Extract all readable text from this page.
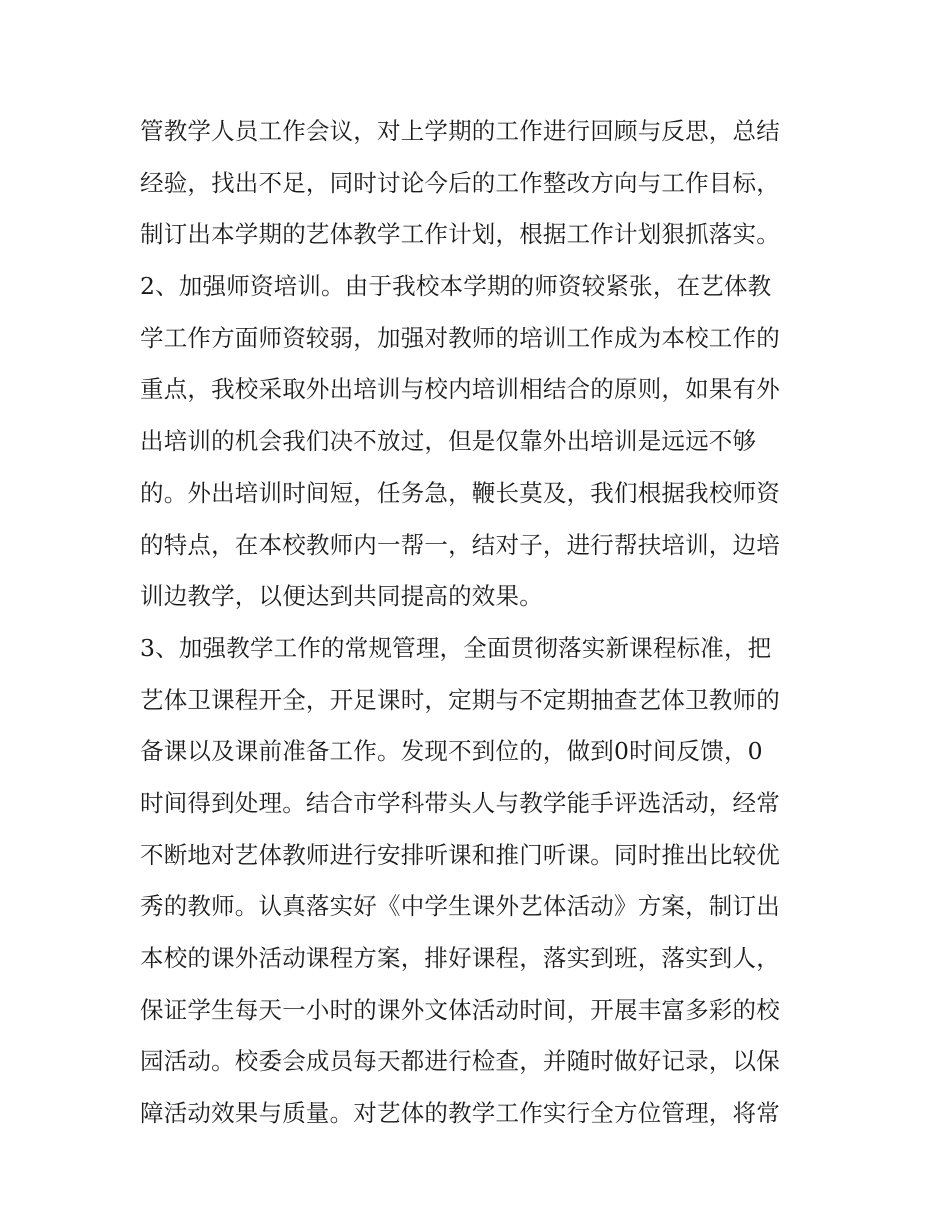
管教学人员工作会议，对上学期的工作进行回顾与反思，总结
经验，找出不足，同时讨论今后的工作整改方向与工作目标，
制订出本学期的艺体教学工作计划，根据工作计划狠抓落实。
2、加强师资培训。由于我校本学期的师资较紧张，在艺体教
学工作方面师资较弱，加强对教师的培训工作成为本校工作的
重点，我校采取外出培训与校内培训相结合的原则，如果有外
出培训的机会我们决不放过，但是仅靠外出培训是远远不够
的。外出培训时间短，任务急，鞭长莫及，我们根据我校师资
的特点，在本校教师内一帮一，结对子，进行帮扶培训，边培
训边教学，以便达到共同提高的效果。
3、加强教学工作的常规管理，全面贯彻落实新课程标准，把
艺体卫课程开全，开足课时，定期与不定期抽查艺体卫教师的
备课以及课前准备工作。发现不到位的，做到0时间反馈，0
时间得到处理。结合市学科带头人与教学能手评选活动，经常
不断地对艺体教师进行安排听课和推门听课。同时推出比较优
秀的教师。认真落实好《中学生课外艺体活动》方案，制订出
本校的课外活动课程方案，排好课程，落实到班，落实到人，
保证学生每天一小时的课外文体活动时间，开展丰富多彩的校
园活动。校委会成员每天都进行检查，并随时做好记录，以保
障活动效果与质量。对艺体的教学工作实行全方位管理，将常
